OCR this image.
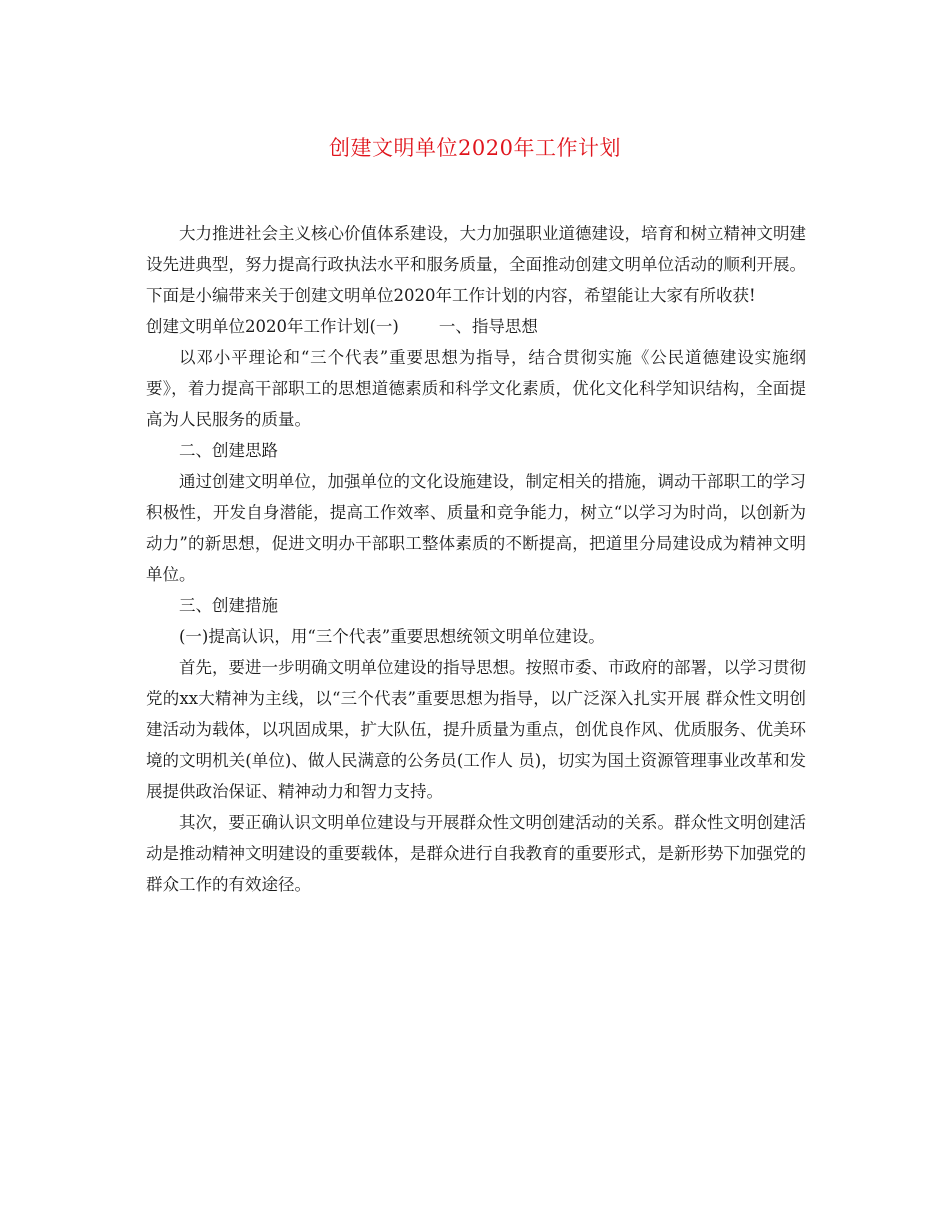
创建文明单位2020年工作计划

大力推进社会主义核心价值体系建设，大力加强职业道德建设，培育和树立精神文明建设先进典型，努力提高行政执法水平和服务质量，全面推动创建文明单位活动的顺利开展。下面是小编带来关于创建文明单位2020年工作计划的内容，希望能让大家有所收获!

创建文明单位2020年工作计划(一) 一、指导思想

以邓小平理论和“三个代表”重要思想为指导，结合贯彻实施《公民道德建设实施纲要》，着力提高干部职工的思想道德素质和科学文化素质，优化文化科学知识结构，全面提高为人民服务的质量。

二、创建思路

通过创建文明单位，加强单位的文化设施建设，制定相关的措施，调动干部职工的学习积极性，开发自身潜能，提高工作效率、质量和竞争能力，树立“以学习为时尚，以创新为动力”的新思想，促进文明办干部职工整体素质的不断提高，把道里分局建设成为精神文明单位。

三、创建措施

(一)提高认识，用“三个代表”重要思想统领文明单位建设。

首先，要进一步明确文明单位建设的指导思想。按照市委、市政府的部署，以学习贯彻党的xx大精神为主线，以“三个代表”重要思想为指导，以广泛深入扎实开展 群众性文明创建活动为载体，以巩固成果，扩大队伍，提升质量为重点，创优良作风、优质服务、优美环境的文明机关(单位)、做人民满意的公务员(工作人 员)，切实为国土资源管理事业改革和发展提供政治保证、精神动力和智力支持。

其次，要正确认识文明单位建设与开展群众性文明创建活动的关系。群众性文明创建活动是推动精神文明建设的重要载体，是群众进行自我教育的重要形式，是新形势下加强党的群众工作的有效途径。
